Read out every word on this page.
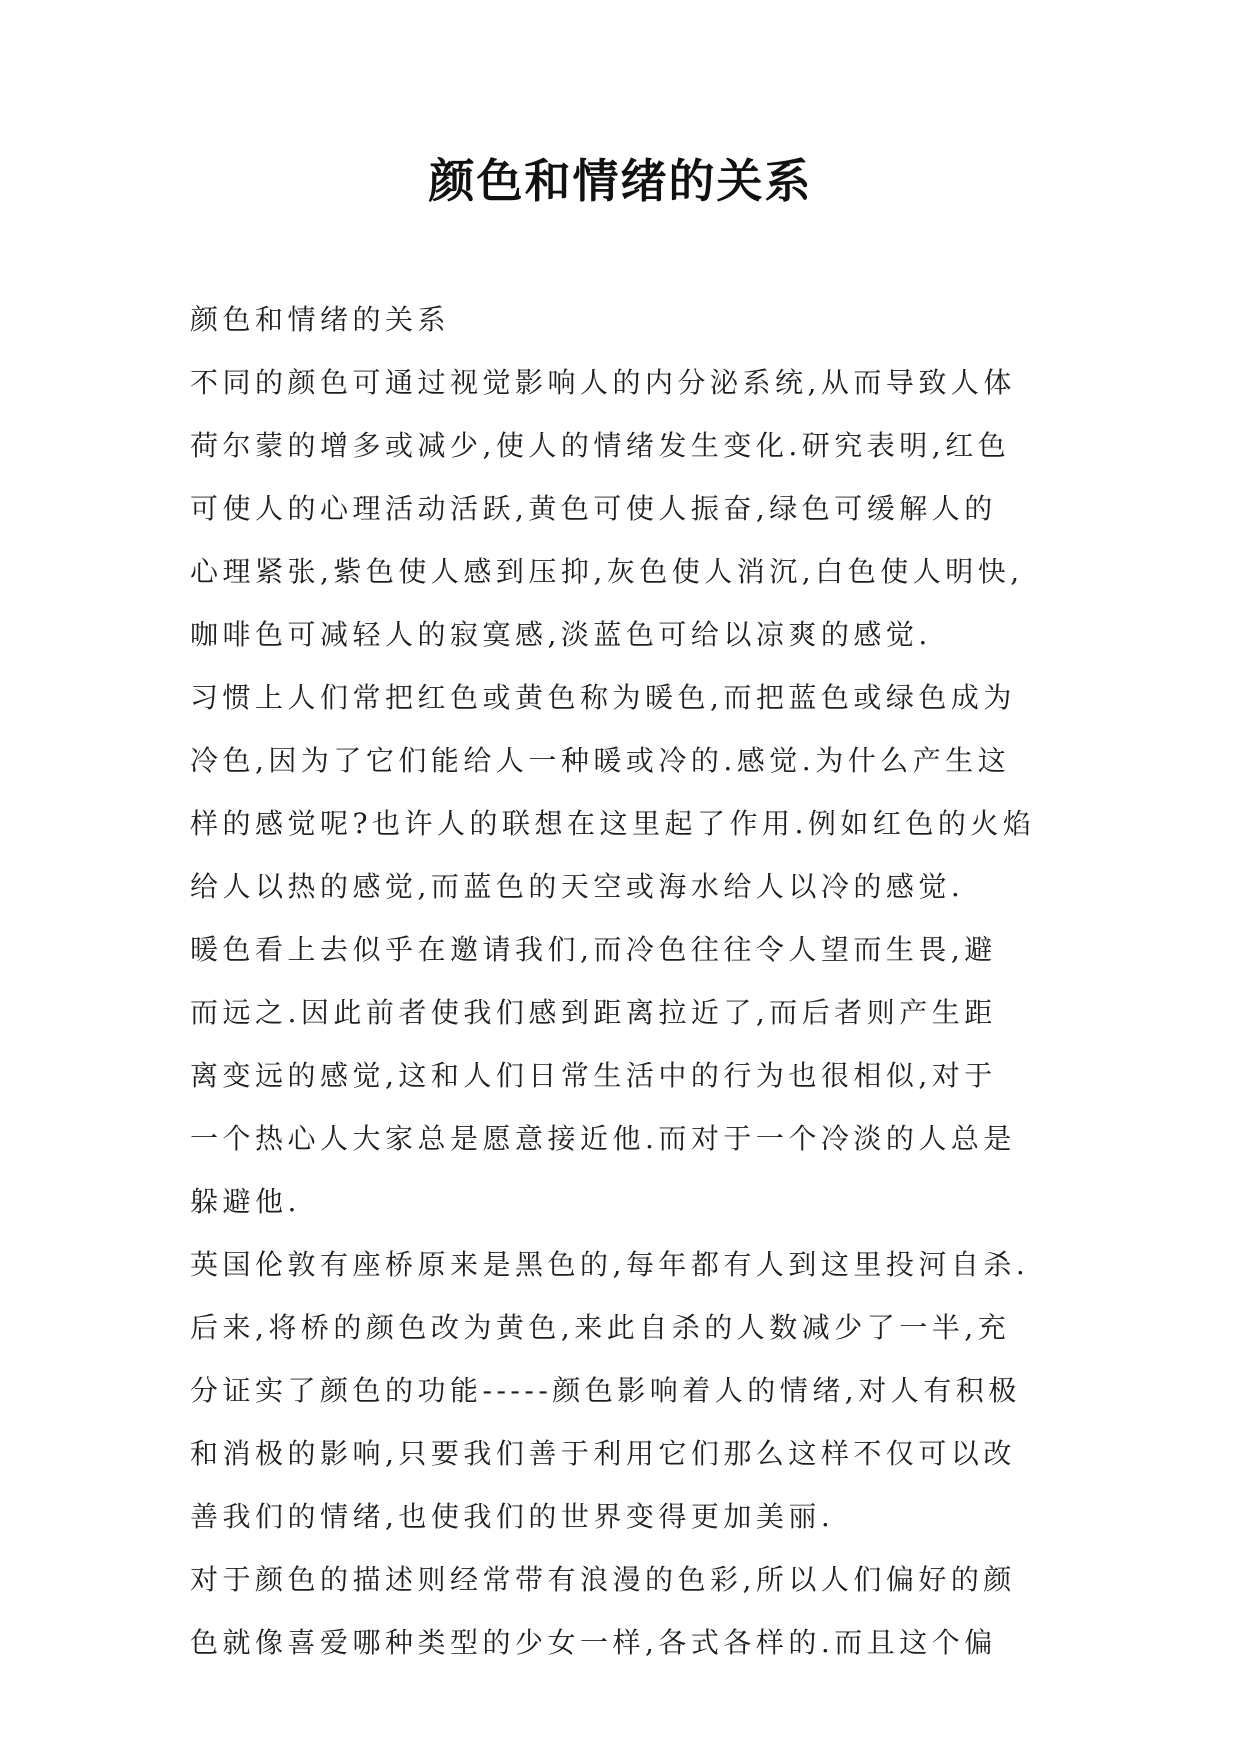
颜色和情绪的关系

颜色和情绪的关系

不同的颜色可通过视觉影响人的内分泌系统,从而导致人体

荷尔蒙的增多或减少,使人的情绪发生变化.研究表明,红色

可使人的心理活动活跃,黄色可使人振奋,绿色可缓解人的

心理紧张,紫色使人感到压抑,灰色使人消沉,白色使人明快,

咖啡色可减轻人的寂寞感,淡蓝色可给以凉爽的感觉.

习惯上人们常把红色或黄色称为暖色,而把蓝色或绿色成为

冷色,因为了它们能给人一种暖或冷的.感觉.为什么产生这

样的感觉呢?也许人的联想在这里起了作用.例如红色的火焰

给人以热的感觉,而蓝色的天空或海水给人以冷的感觉.

暖色看上去似乎在邀请我们,而冷色往往令人望而生畏,避

而远之.因此前者使我们感到距离拉近了,而后者则产生距

离变远的感觉,这和人们日常生活中的行为也很相似,对于

一个热心人大家总是愿意接近他.而对于一个冷淡的人总是

躲避他.

英国伦敦有座桥原来是黑色的,每年都有人到这里投河自杀.

后来,将桥的颜色改为黄色,来此自杀的人数减少了一半,充

分证实了颜色的功能-----颜色影响着人的情绪,对人有积极

和消极的影响,只要我们善于利用它们那么这样不仅可以改

善我们的情绪,也使我们的世界变得更加美丽.

对于颜色的描述则经常带有浪漫的色彩,所以人们偏好的颜

色就像喜爱哪种类型的少女一样,各式各样的.而且这个偏
